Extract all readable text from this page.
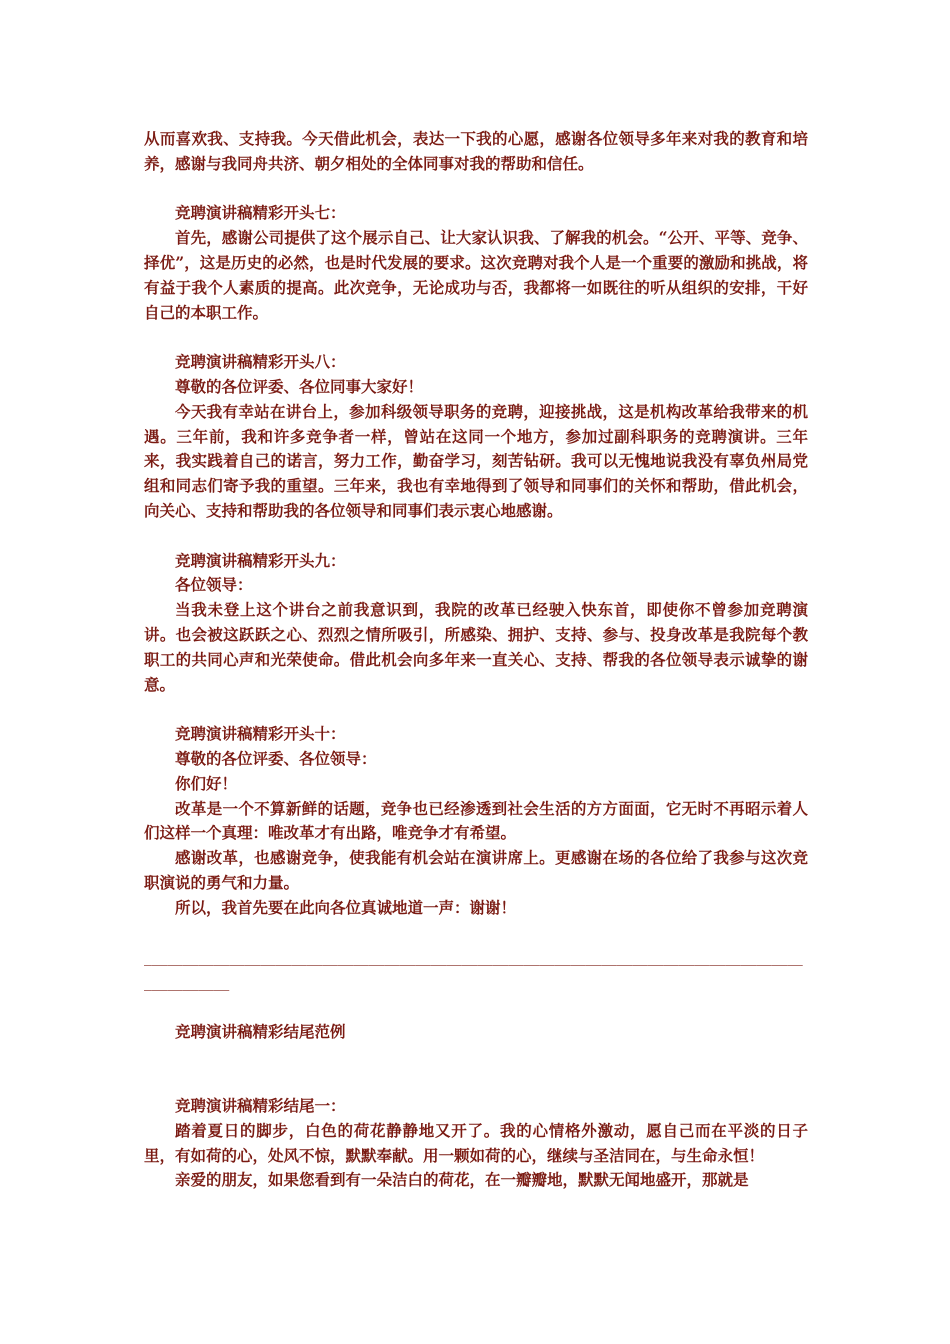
从而喜欢我、支持我。今天借此机会，表达一下我的心愿，感谢各位领导多年来对我的教育和培养，感谢与我同舟共济、朝夕相处的全体同事对我的帮助和信任。

竞聘演讲稿精彩开头七：

首先，感谢公司提供了这个展示自己、让大家认识我、了解我的机会。“公开、平等、竞争、择优”，这是历史的必然，也是时代发展的要求。这次竞聘对我个人是一个重要的激励和挑战，将有益于我个人素质的提高。此次竞争，无论成功与否，我都将一如既往的听从组织的安排，干好自己的本职工作。

竞聘演讲稿精彩开头八：

尊敬的各位评委、各位同事大家好！

今天我有幸站在讲台上，参加科级领导职务的竞聘，迎接挑战，这是机构改革给我带来的机遇。三年前，我和许多竞争者一样，曾站在这同一个地方，参加过副科职务的竞聘演讲。三年来，我实践着自己的诺言，努力工作，勤奋学习，刻苦钻研。我可以无愧地说我没有辜负州局党组和同志们寄予我的重望。三年来，我也有幸地得到了领导和同事们的关怀和帮助，借此机会，向关心、支持和帮助我的各位领导和同事们表示衷心地感谢。

竞聘演讲稿精彩开头九：

各位领导：

当我未登上这个讲台之前我意识到，我院的改革已经驶入快东首，即使你不曾参加竞聘演讲。也会被这跃跃之心、烈烈之情所吸引，所感染、拥护、支持、参与、投身改革是我院每个教职工的共同心声和光荣使命。借此机会向多年来一直关心、支持、帮我的各位领导表示诚挚的谢意。

竞聘演讲稿精彩开头十：

尊敬的各位评委、各位领导：

你们好！

改革是一个不算新鲜的话题，竞争也已经渗透到社会生活的方方面面，它无时不再昭示着人们这样一个真理：唯改革才有出路，唯竞争才有希望。

感谢改革，也感谢竞争，使我能有机会站在演讲席上。更感谢在场的各位给了我参与这次竞职演说的勇气和力量。

所以，我首先要在此向各位真诚地道一声：谢谢！

________________________________________________________________________________________________

竞聘演讲稿精彩结尾范例

竞聘演讲稿精彩结尾一：

踏着夏日的脚步，白色的荷花静静地又开了。我的心情格外激动，愿自己而在平淡的日子里，有如荷的心，处风不惊，默默奉献。用一颗如荷的心，继续与圣洁同在，与生命永恒！

亲爱的朋友，如果您看到有一朵洁白的荷花，在一瓣瓣地，默默无闻地盛开，那就是
